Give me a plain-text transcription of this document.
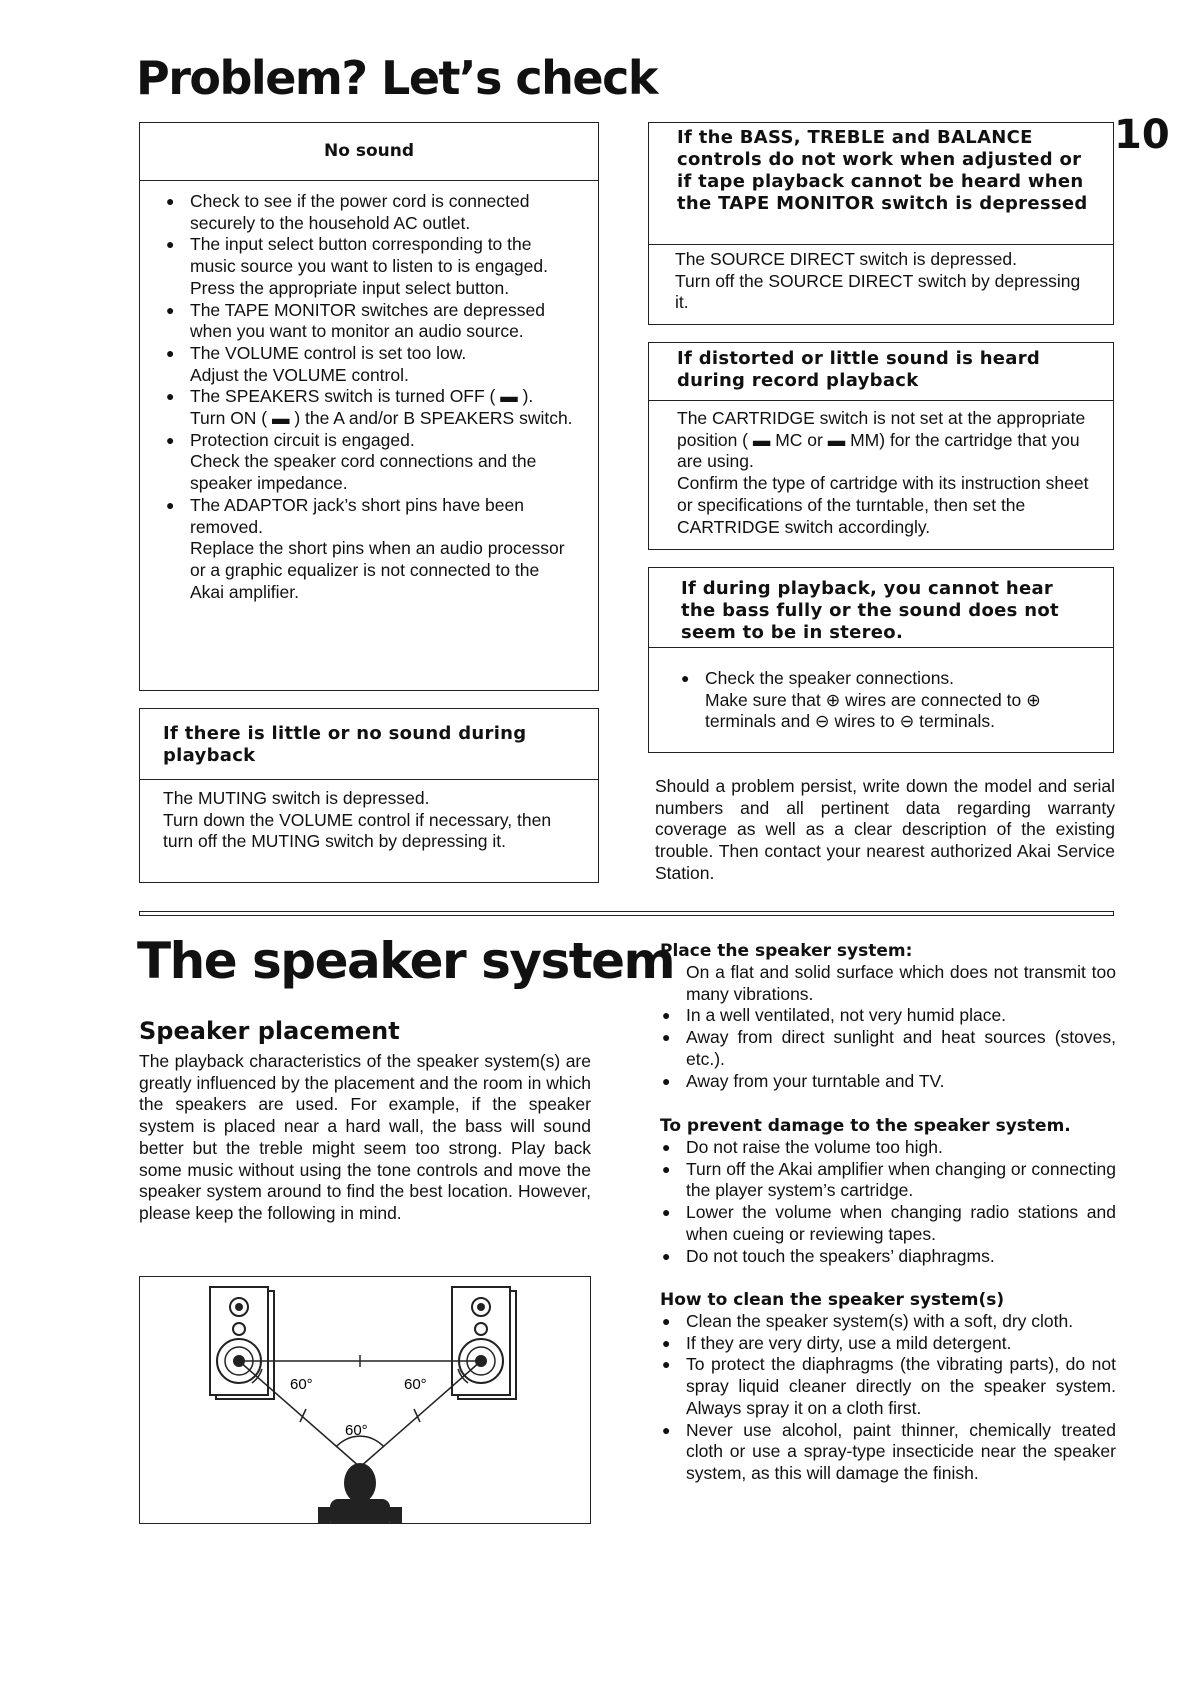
10
Problem? Let’s check
No sound
● Check to see if the power cord is connected securely to the household AC outlet.
● The input select button corresponding to the music source you want to listen to is engaged.
Press the appropriate input select button.
● The TAPE MONITOR switches are depressed when you want to monitor an audio source.
● The VOLUME control is set too low.
Adjust the VOLUME control.
● The SPEAKERS switch is turned OFF ( ▬ ).
Turn ON ( ▬ ) the A and/or B SPEAKERS switch.
● Protection circuit is engaged.
Check the speaker cord connections and the speaker impedance.
● The ADAPTOR jack’s short pins have been removed.
Replace the short pins when an audio processor or a graphic equalizer is not connected to the Akai amplifier.
If there is little or no sound during playback
The MUTING switch is depressed.
Turn down the VOLUME control if necessary, then turn off the MUTING switch by depressing it.
If the BASS, TREBLE and BALANCE controls do not work when adjusted or if tape playback cannot be heard when the TAPE MONITOR switch is depressed
The SOURCE DIRECT switch is depressed.
Turn off the SOURCE DIRECT switch by depressing it.
If distorted or little sound is heard during record playback
The CARTRIDGE switch is not set at the appropriate position ( ▬ MC or ▬ MM) for the cartridge that you are using.
Confirm the type of cartridge with its instruction sheet or specifications of the turntable, then set the CARTRIDGE switch accordingly.
If during playback, you cannot hear the bass fully or the sound does not seem to be in stereo.
● Check the speaker connections.
Make sure that ⊕ wires are connected to ⊕ terminals and ⊖ wires to ⊖ terminals.
Should a problem persist, write down the model and serial numbers and all pertinent data regarding warranty coverage as well as a clear description of the existing trouble. Then contact your nearest authorized Akai Service Station.
The speaker system
Speaker placement
The playback characteristics of the speaker system(s) are greatly influenced by the placement and the room in which the speakers are used. For example, if the speaker system is placed near a hard wall, the bass will sound better but the treble might seem too strong. Play back some music without using the tone controls and move the speaker system around to find the best location. However, please keep the following in mind.
60°	60°
60°
Place the speaker system:
● On a flat and solid surface which does not transmit too many vibrations.
● In a well ventilated, not very humid place.
● Away from direct sunlight and heat sources (stoves, etc.).
● Away from your turntable and TV.
To prevent damage to the speaker system.
● Do not raise the volume too high.
● Turn off the Akai amplifier when changing or connecting the player system’s cartridge.
● Lower the volume when changing radio stations and when cueing or reviewing tapes.
● Do not touch the speakers’ diaphragms.
How to clean the speaker system(s)
● Clean the speaker system(s) with a soft, dry cloth.
● If they are very dirty, use a mild detergent.
● To protect the diaphragms (the vibrating parts), do not spray liquid cleaner directly on the speaker system. Always spray it on a cloth first.
● Never use alcohol, paint thinner, chemically treated cloth or use a spray-type insecticide near the speaker system, as this will damage the finish.
